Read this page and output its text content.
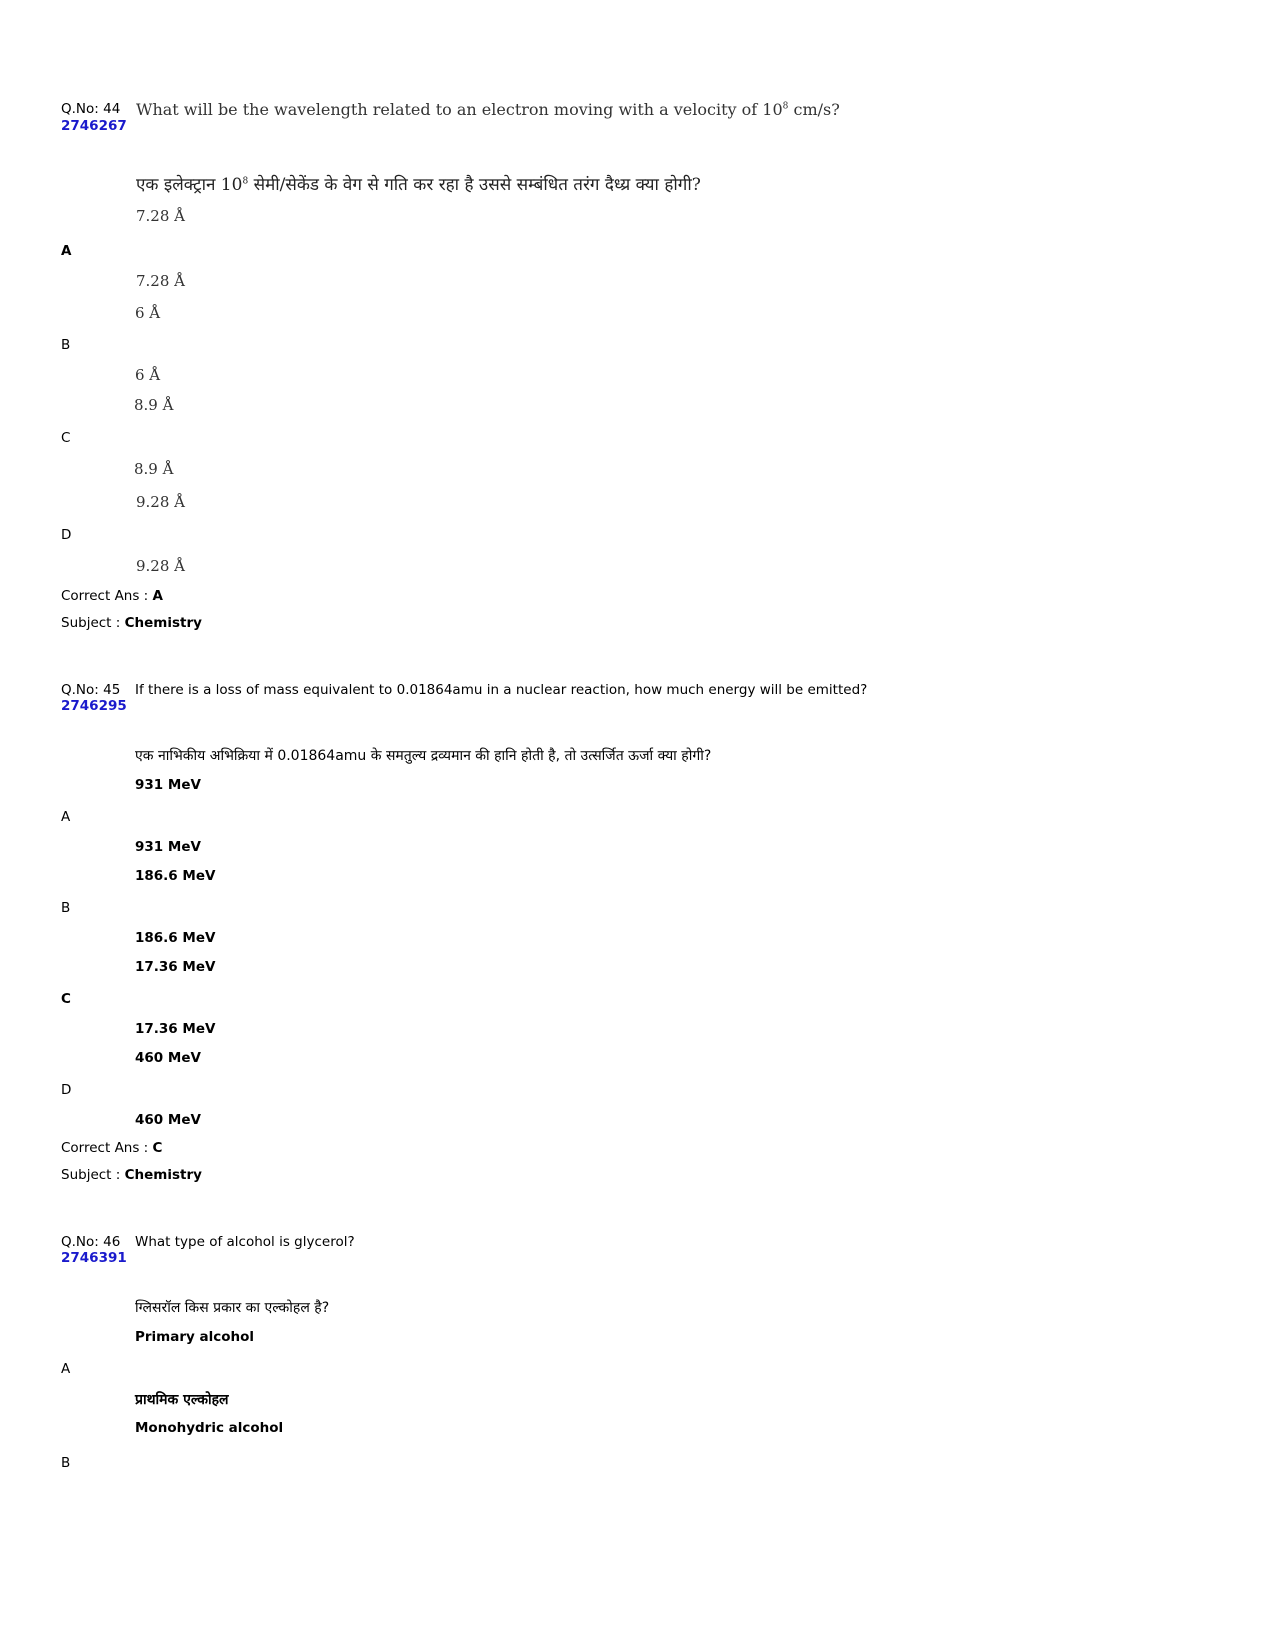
Q.No: 44
2746267
What will be the wavelength related to an electron moving with a velocity of $10^8$ cm/s?
एक इलेक्ट्रान $10^8$ सेमी/सेकेंड के वेग से गति कर रहा है उससे सम्बंधित तरंग दैध्य्र क्या होगी?
7.28 Å
A
7.28 Å
6 Å
B
6 Å
8.9 Å
C
8.9 Å
9.28 Å
D
9.28 Å
Correct Ans : A
Subject : Chemistry
Q.No: 45
2746295
If there is a loss of mass equivalent to 0.01864amu in a nuclear reaction, how much energy will be emitted?
एक नाभिकीय अभिक्रिया में 0.01864amu के समतुल्य द्रव्यमान की हानि होती है, तो उत्सर्जित ऊर्जा क्या होगी?
931 MeV
A
931 MeV
186.6 MeV
B
186.6 MeV
17.36 MeV
C
17.36 MeV
460 MeV
D
460 MeV
Correct Ans : C
Subject : Chemistry
Q.No: 46
2746391
What type of alcohol is glycerol?
ग्लिसरॉल किस प्रकार का एल्कोहल है?
Primary alcohol
A
प्राथमिक एल्कोहल
Monohydric alcohol
B
